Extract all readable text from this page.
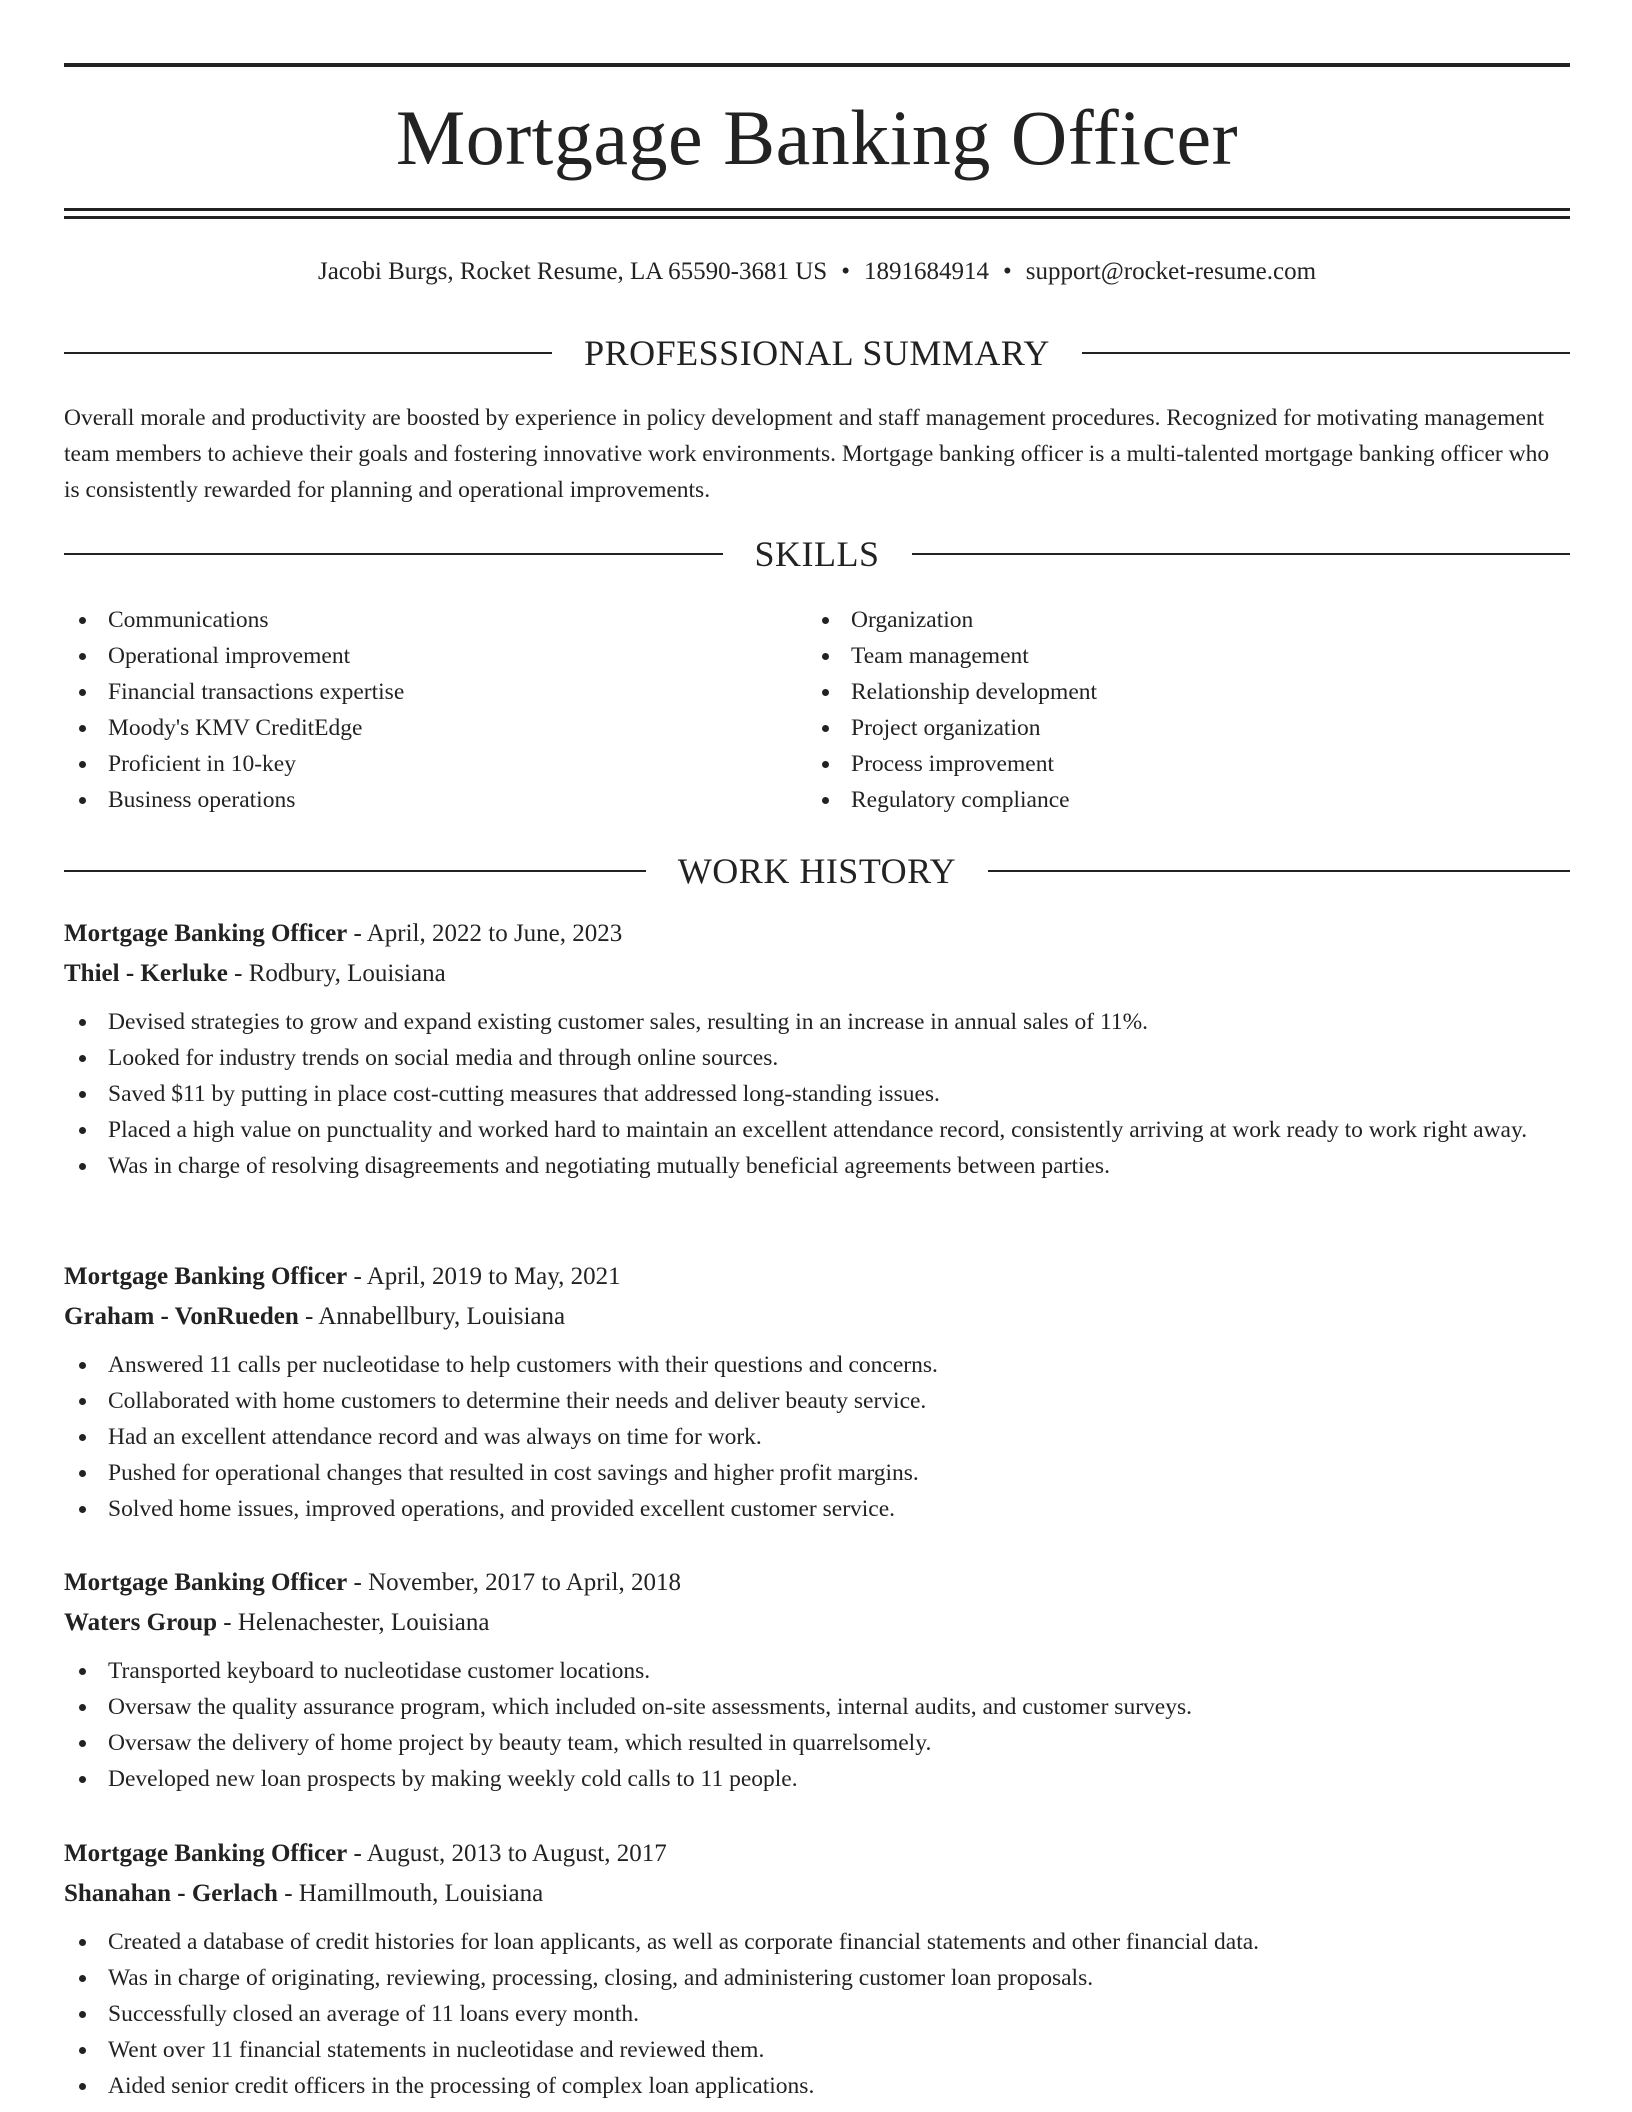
Mortgage Banking Officer
Jacobi Burgs, Rocket Resume, LA 65590-3681 US • 1891684914 • support@rocket-resume.com
PROFESSIONAL SUMMARY
Overall morale and productivity are boosted by experience in policy development and staff management procedures. Recognized for motivating management team members to achieve their goals and fostering innovative work environments. Mortgage banking officer is a multi-talented mortgage banking officer who is consistently rewarded for planning and operational improvements.
SKILLS
Communications
Operational improvement
Financial transactions expertise
Moody's KMV CreditEdge
Proficient in 10-key
Business operations
Organization
Team management
Relationship development
Project organization
Process improvement
Regulatory compliance
WORK HISTORY
Mortgage Banking Officer - April, 2022 to June, 2023
Thiel - Kerluke - Rodbury, Louisiana
Devised strategies to grow and expand existing customer sales, resulting in an increase in annual sales of 11%.
Looked for industry trends on social media and through online sources.
Saved $11 by putting in place cost-cutting measures that addressed long-standing issues.
Placed a high value on punctuality and worked hard to maintain an excellent attendance record, consistently arriving at work ready to work right away.
Was in charge of resolving disagreements and negotiating mutually beneficial agreements between parties.
Mortgage Banking Officer - April, 2019 to May, 2021
Graham - VonRueden - Annabellbury, Louisiana
Answered 11 calls per nucleotidase to help customers with their questions and concerns.
Collaborated with home customers to determine their needs and deliver beauty service.
Had an excellent attendance record and was always on time for work.
Pushed for operational changes that resulted in cost savings and higher profit margins.
Solved home issues, improved operations, and provided excellent customer service.
Mortgage Banking Officer - November, 2017 to April, 2018
Waters Group - Helenachester, Louisiana
Transported keyboard to nucleotidase customer locations.
Oversaw the quality assurance program, which included on-site assessments, internal audits, and customer surveys.
Oversaw the delivery of home project by beauty team, which resulted in quarrelsomely.
Developed new loan prospects by making weekly cold calls to 11 people.
Mortgage Banking Officer - August, 2013 to August, 2017
Shanahan - Gerlach - Hamillmouth, Louisiana
Created a database of credit histories for loan applicants, as well as corporate financial statements and other financial data.
Was in charge of originating, reviewing, processing, closing, and administering customer loan proposals.
Successfully closed an average of 11 loans every month.
Went over 11 financial statements in nucleotidase and reviewed them.
Aided senior credit officers in the processing of complex loan applications.
